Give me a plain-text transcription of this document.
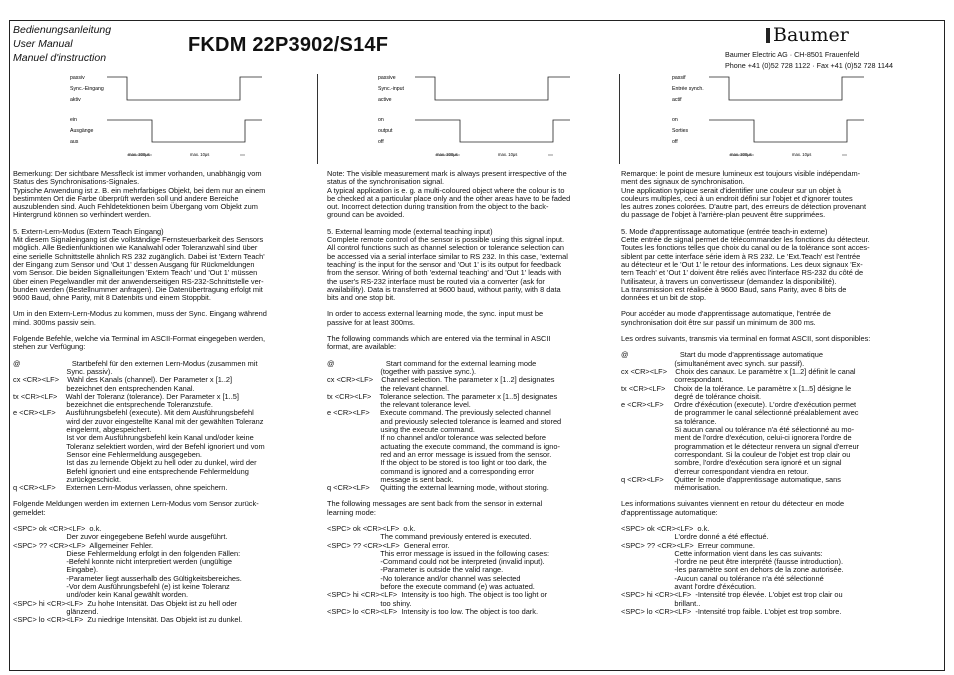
Bedienungsanleitung
User Manual
Manuel d'instruction
FKDM 22P3902/S14F	Baumer
Baumer Electric AG · CH-8501 Frauenfeld
Phone +41 (0)52 728 1122 · Fax +41 (0)52 728 1144
passiv
Sync.-Eingang
aktiv
ein
Ausgänge
aus
max. 300μs	max. 10μs
passive
Sync.-input
active
on
output
off
max. 300μs	max. 10μs
passif
Entrée synch.
actif
on
Sorties
off
max. 300μs	max. 10μs
Bemerkung: Der sichtbare Messfleck ist immer vorhanden, unabhängig vom
Status des Synchronisations-Signales.
Typische Anwendung ist z. B. ein mehrfarbiges Objekt, bei dem nur an einem
bestimmten Ort die Farbe überprüft werden soll und andere Bereiche
auszublenden sind. Auch Fehldetektionen beim Übergang vom Objekt zum
Hintergrund können so verhindert werden.
5. Extern-Lern-Modus (Extern Teach Eingang)
Mit diesem Signaleingang ist die vollständige Fernsteuerbarkeit des Sensors
möglich. Alle Bedienfunktionen wie Kanalwahl oder Toleranzwahl sind über
eine serielle Schnittstelle ähnlich RS 232 zugänglich. Dabei ist 'Extern Teach'
der Eingang zum Sensor und 'Out 1' dessen Ausgang für Rückmeldungen
vom Sensor. Die beiden Signalleitungen 'Extern Teach' und 'Out 1' müssen
über einen Pegelwandler mit der anwenderseitigen RS-232-Schnittstelle ver-
bunden werden (Bestellnummer anfragen). Die Datenübertragung erfolgt mit
9600 Baud, ohne Parity, mit 8 Datenbits und einem Stoppbit.
Um in den Extern-Lern-Modus zu kommen, muss der Sync. Eingang während
mind. 300ms passiv sein.
Folgende Befehle, welche via Terminal im ASCII-Format eingegeben werden,
stehen zur Verfügung:
@                         Startbefehl für den externen Lern-Modus (zusammen mit
Sync. passiv).
cx <CR><LF>    Wahl des Kanals (channel). Der Parameter x [1..2]
bezeichnet den entsprechenden Kanal.
tx <CR><LF>    Wahl der Toleranz (tolerance). Der Parameter x [1..5]
bezeichnet die entsprechende Toleranzstufe.
e <CR><LF>     Ausführungsbefehl (execute). Mit dem Ausführungsbefehl
wird der zuvor eingestellte Kanal mit der gewählten Toleranz
eingelernt, abgespeichert.
Ist vor dem Ausführungsbefehl kein Kanal und/oder keine
Toleranz selektiert worden, wird der Befehl ignoriert und vom
Sensor eine Fehlermeldung ausgegeben.
Ist das zu lernende Objekt zu hell oder zu dunkel, wird der
Befehl ignoriert und eine entsprechende Fehlermeldung
zurückgeschickt.
q <CR><LF>     Externen Lern-Modus verlassen, ohne speichern.
Folgende Meldungen werden im externen Lern-Modus vom Sensor zurück-
gemeldet:
<SPC> ok <CR><LF>  o.k.
Der zuvor eingegebene Befehl wurde ausgeführt.
<SPC> ?? <CR><LF>  Allgemeiner Fehler.
Diese Fehlermeldung erfolgt in den folgenden Fällen:
-Befehl konnte nicht interpretiert werden (ungültige
Eingabe).
-Parameter liegt ausserhalb des Gültigkeitsbereiches.
-Vor dem Ausführungsbefehl (e) ist keine Toleranz
und/oder kein Kanal gewählt worden.
<SPC> hi <CR><LF>  Zu hohe Intensität. Das Objekt ist zu hell oder
glänzend.
<SPC> lo <CR><LF>  Zu niedrige Intensität. Das Objekt ist zu dunkel.
Note: The visible measurement mark is always present irrespective of the
status of the synchronisation signal.
A typical application is e. g. a multi-coloured object where the colour is to
be checked at a particular place only and the other areas have to be faded
out. Incorrect detection during transition from the object to the back-
ground can be avoided.
5. External learning mode (external teaching input)
Complete remote control of the sensor is possible using this signal input.
All control functions such as channel selection or tolerance selection can
be accessed via a serial interface similar to RS 232. In this case, 'external
teaching' is the input for the sensor and 'Out 1' is its output for feedback
from the sensor. Wiring of both 'external teaching' and 'Out 1' leads with
the user's RS-232 interface must be routed via a converter (ask for
availability). Data is transferred at 9600 baud, without parity, with 8 data
bits and one stop bit.
In order to access external learning mode, the sync. input must be
passive for at least 300ms.
The following commands which are entered via the terminal in ASCII
format, are available:
@                         Start command for the external learning mode
(together with passive sync.).
cx <CR><LF>    Channel selection. The parameter x [1..2] designates
the relevant channel.
tx <CR><LF>    Tolerance selection. The parameter x [1..5] designates
the relevant tolerance level.
e <CR><LF>     Execute command. The previously selected channel
and previously selected tolerance is learned and stored
using the execute command.
If no channel and/or tolerance was selected before
actuating the execute command, the command is igno-
red and an error message is issued from the sensor.
If the object to be stored is too light or too dark, the
command is ignored and a corresponding error
message is sent back.
q <CR><LF>     Quitting the external learning mode, without storing.
The following messages are sent back from the sensor in external
learning mode:
<SPC> ok <CR><LF>  o.k.
The command previously entered is executed.
<SPC> ?? <CR><LF>  General error.
This error message is issued in the following cases:
-Command could not be interpreted (invalid input).
-Parameter is outside the valid range.
-No tolerance and/or channel was selected
before the execute command (e) was actuated.
<SPC> hi <CR><LF>  Intensity is too high. The object is too light or
too shiny.
<SPC> lo <CR><LF>  Intensity is too low. The object is too dark.
Remarque: le point de mesure lumineux est toujours visible indépendam-
ment des signaux de synchronisation.
Une application typique serait d'identifier une couleur sur un objet à
couleurs multiples, ceci à un endroit défini sur l'objet et d'ignorer toutes
les autres zones colorées. D'autre part, des erreurs de détection provenant
du passage de l'objet à l'arrière-plan peuvent être supprimées.
5. Mode d'apprentissage automatique (entrée teach-in externe)
Cette entrée de signal permet de télécommander les fonctions du détecteur.
Toutes les fonctions telles que choix du canal ou de la tolérance sont acces-
siblent par cette interface série idem à RS 232. Le 'Ext.Teach' est l'entrée
au détecteur et le 'Out 1' le retour des informations. Les deux signaux 'Ex-
tern Teach' et 'Out 1' doivent être reliés avec l'interface RS-232 du côté de
l'utilisateur, à travers un convertisseur (demandez la disponibilité).
La transmission est réalisée à 9600 Baud, sans Parity, avec 8 bits de
données et un bit de stop.
Pour accéder au mode d'apprentissage automatique, l'entrée de
synchronisation doit être sur passif un minimum de 300 ms.
Les ordres suivants, transmis via terminal en format ASCII, sont disponibles:
@                         Start du mode d'apprentissage automatique
(simultanément avec synch. sur passif).
cx <CR><LF>    Choix des canaux. Le paramètre x [1..2] définit le canal
correspondant.
tx <CR><LF>    Choix de la tolérance. Le paramètre x [1..5] désigne le
degré de tolérance choisit.
e <CR><LF>     Ordre d'éxécution (execute). L'ordre d'exécution permet
de programmer le canal sélectionné préalablement avec
sa tolérance.
Si aucun canal ou tolérance n'a été sélectionné au mo-
ment de l'ordre d'exécution, celui-ci ignorera l'ordre de
programmation et le détecteur renvera un signal d'erreur
correspondant. Si la couleur de l'objet est trop clair ou
sombre, l'ordre d'exécution sera ignoré et un signal
d'erreur correspondant viendra en retour.
q <CR><LF>     Quitter le mode d'apprentissage automatique, sans
mémorisation.
Les informations suivantes viennent en retour du détecteur en mode
d'apprentissage automatique:
<SPC> ok <CR><LF>  o.k.
L'ordre donné a été effectué.
<SPC> ?? <CR><LF>  Erreur commune.
Cette information vient dans les cas suivants:
-l'ordre ne peut être interprété (fausse introduction).
-les paramètre sont en dehors de la zone autorisée.
-Aucun canal ou tolérance n'a été sélectionné
avant l'ordre d'éxécution.
<SPC> hi <CR><LF>  -Intensité trop élevée. L'objet est trop clair ou
brillant..
<SPC> lo <CR><LF>  -Intensité trop faible. L'objet est trop sombre.
